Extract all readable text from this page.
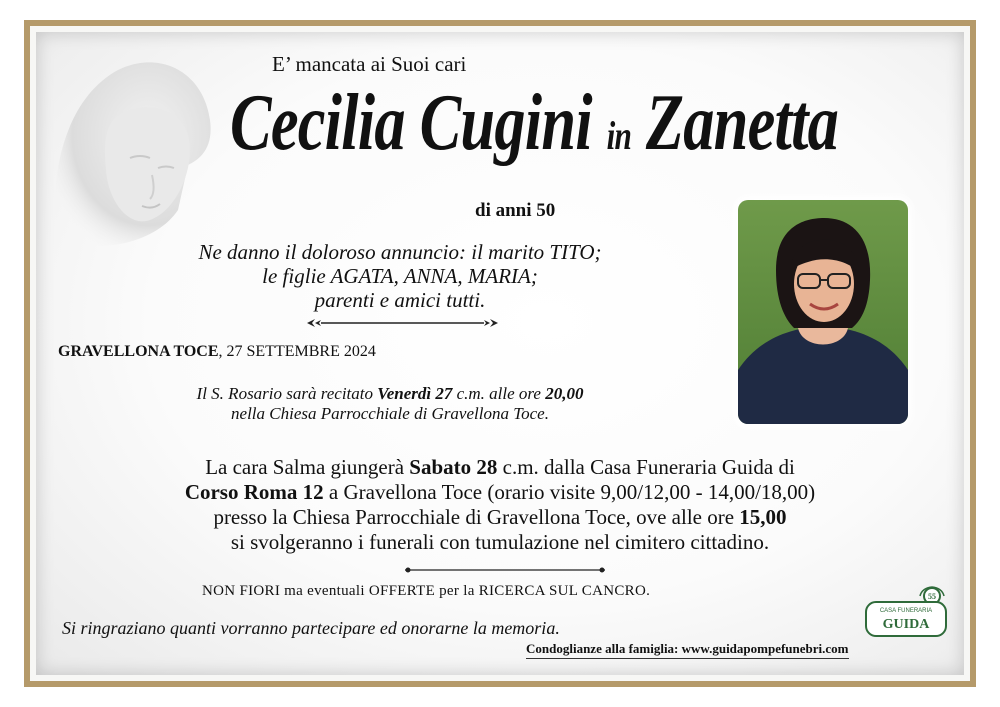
E’ mancata ai Suoi cari
Cecilia Cugini in Zanetta
di anni 50
Ne danno il doloroso annuncio: il marito TITO;
le figlie AGATA, ANNA, MARIA;
parenti e amici tutti.
GRAVELLONA TOCE, 27 SETTEMBRE 2024
Il S. Rosario sarà recitato Venerdì 27 c.m. alle ore 20,00
nella Chiesa Parrocchiale di Gravellona Toce.
La cara Salma giungerà Sabato 28 c.m. dalla Casa Funeraria Guida di
Corso Roma 12 a Gravellona Toce (orario visite 9,00/12,00 - 14,00/18,00)
presso la Chiesa Parrocchiale di Gravellona Toce, ove alle ore 15,00
si svolgeranno i funerali con tumulazione nel cimitero cittadino.
NON FIORI ma eventuali OFFERTE per la RICERCA SUL CANCRO.
Si ringraziano quanti vorranno partecipare ed onorarne la memoria.
Condoglianze alla famiglia: www.guidapompefunebri.com
55
CASA FUNERARIA
GUIDA
